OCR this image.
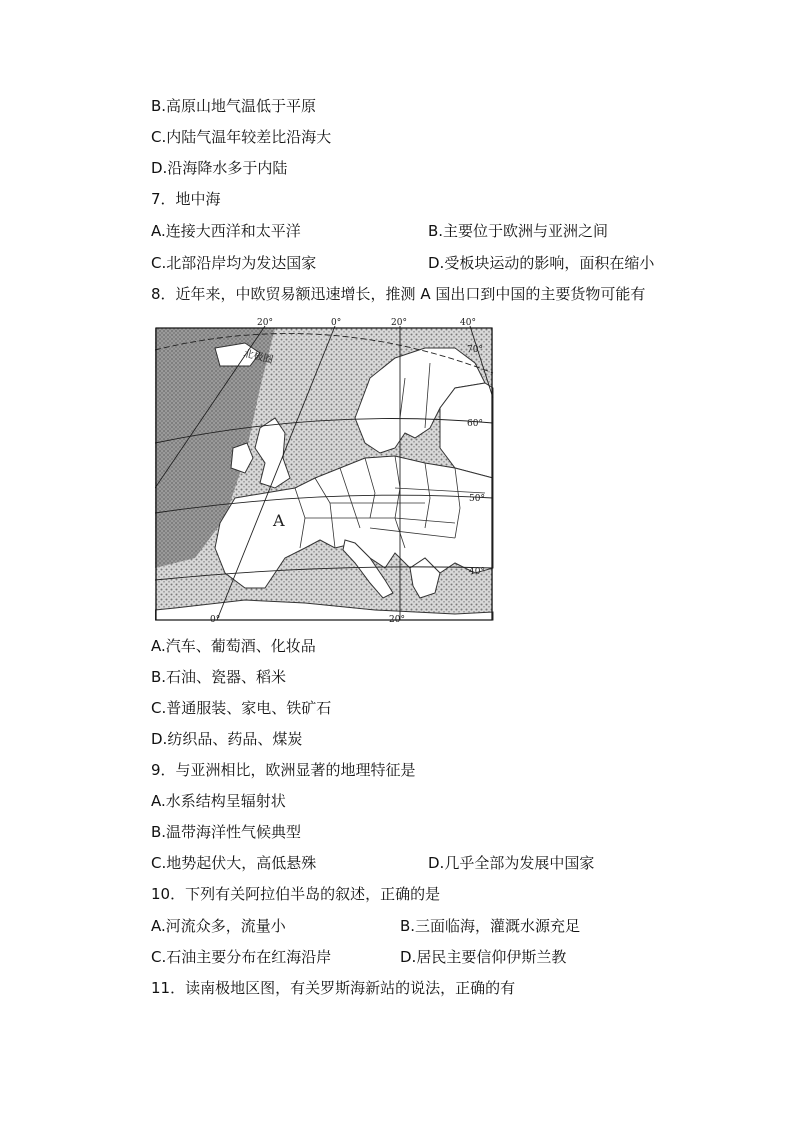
B.高原山地气温低于平原
C.内陆气温年较差比沿海大
D.沿海降水多于内陆
7．地中海
A.连接大西洋和太平洋	B.主要位于欧洲与亚洲之间
C.北部沿岸均为发达国家	D.受板块运动的影响，面积在缩小
8．近年来，中欧贸易额迅速增长，推测 A 国出口到中国的主要货物可能有
A
北极圈
20°	0°	20°	40°
0°	20°
70°
60°
50°
40°
A.汽车、葡萄酒、化妆品
B.石油、瓷器、稻米
C.普通服装、家电、铁矿石
D.纺织品、药品、煤炭
9．与亚洲相比，欧洲显著的地理特征是
A.水系结构呈辐射状
B.温带海洋性气候典型
C.地势起伏大，高低悬殊	D.几乎全部为发展中国家
10．下列有关阿拉伯半岛的叙述，正确的是
A.河流众多，流量小	B.三面临海，灌溉水源充足
C.石油主要分布在红海沿岸	D.居民主要信仰伊斯兰教
11．读南极地区图，有关罗斯海新站的说法，正确的有
